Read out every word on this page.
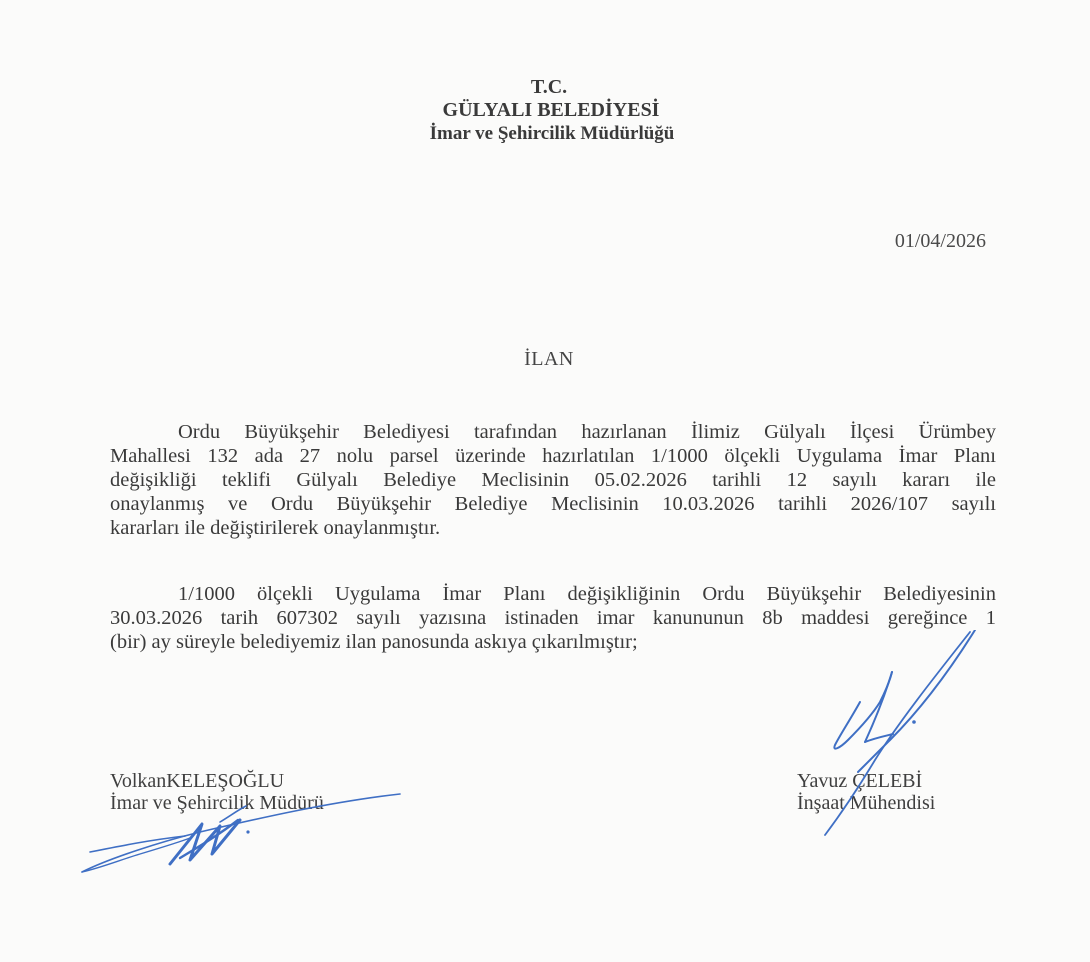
T.C.
GÜLYALI BELEDİYESİ
İmar ve Şehircilik Müdürlüğü
01/04/2026
İLAN
Ordu Büyükşehir Belediyesi tarafından hazırlanan İlimiz Gülyalı İlçesi Ürümbey
Mahallesi 132 ada 27 nolu parsel üzerinde hazırlatılan 1/1000 ölçekli Uygulama İmar Planı
değişikliği teklifi Gülyalı Belediye Meclisinin 05.02.2026 tarihli 12 sayılı kararı ile
onaylanmış ve Ordu Büyükşehir Belediye Meclisinin 10.03.2026 tarihli 2026/107 sayılı
kararları ile değiştirilerek onaylanmıştır.
1/1000 ölçekli Uygulama İmar Planı değişikliğinin Ordu Büyükşehir Belediyesinin
30.03.2026 tarih 607302 sayılı yazısına istinaden imar kanununun 8b maddesi gereğince 1
(bir) ay süreyle belediyemiz ilan panosunda askıya çıkarılmıştır;
VolkanKELEŞOĞLU
İmar ve Şehircilik Müdürü
Yavuz ÇELEBİ
İnşaat Mühendisi
